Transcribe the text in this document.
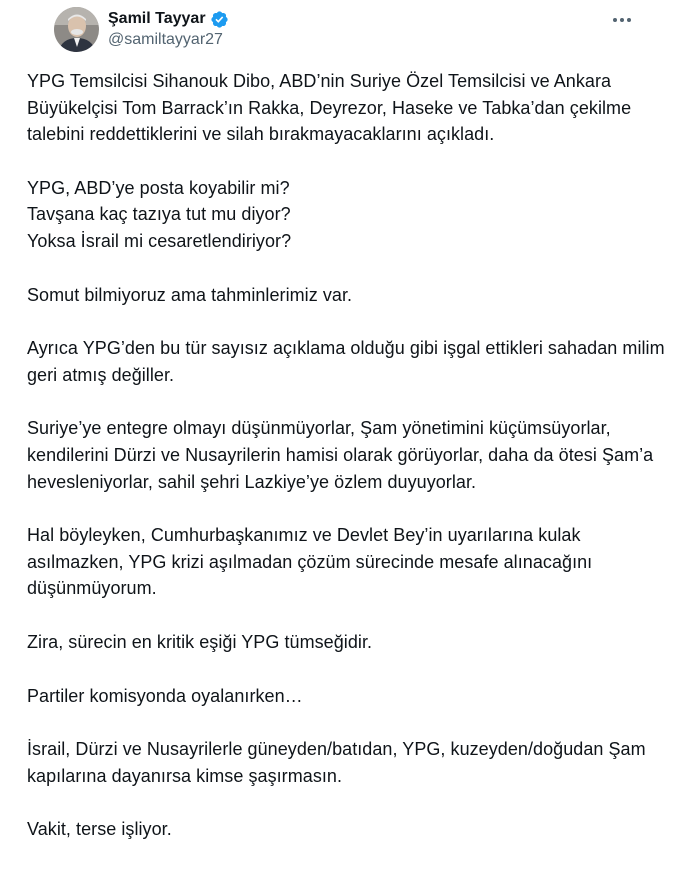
Şamil Tayyar
@samiltayyar27

YPG Temsilcisi Sihanouk Dibo, ABD’nin Suriye Özel Temsilcisi ve Ankara Büyükelçisi Tom Barrack’ın Rakka, Deyrezor, Haseke ve Tabka’dan çekilme talebini reddettiklerini ve silah bırakmayacaklarını açıkladı.

YPG, ABD’ye posta koyabilir mi?
Tavşana kaç tazıya tut mu diyor?
Yoksa İsrail mi cesaretlendiriyor?

Somut bilmiyoruz ama tahminlerimiz var.

Ayrıca YPG’den bu tür sayısız açıklama olduğu gibi işgal ettikleri sahadan milim geri atmış değiller.

Suriye’ye entegre olmayı düşünmüyorlar, Şam yönetimini küçümsüyorlar, kendilerini Dürzi ve Nusayrilerin hamisi olarak görüyorlar, daha da ötesi Şam’a hevesleniyorlar, sahil şehri Lazkiye’ye özlem duyuyorlar.

Hal böyleyken, Cumhurbaşkanımız ve Devlet Bey’in uyarılarına kulak asılmazken, YPG krizi aşılmadan çözüm sürecinde mesafe alınacağını düşünmüyorum.

Zira, sürecin en kritik eşiği YPG tümseğidir.

Partiler komisyonda oyalanırken…

İsrail, Dürzi ve Nusayrilerle güneyden/batıdan, YPG, kuzeyden/doğudan Şam kapılarına dayanırsa kimse şaşırmasın.

Vakit, terse işliyor.
